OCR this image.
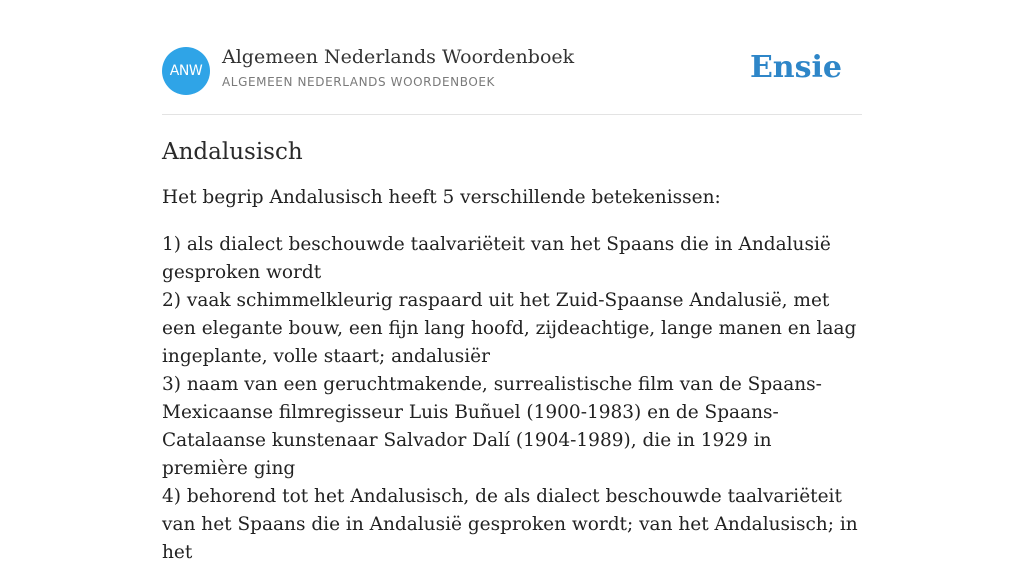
ANW
Algemeen Nederlands Woordenboek
ALGEMEEN NEDERLANDS WOORDENBOEK	Ensie
Andalusisch

Het begrip Andalusisch heeft 5 verschillende betekenissen:

1) als dialect beschouwde taalvariëteit van het Spaans die in Andalusië gesproken wordt
2) vaak schimmelkleurig raspaard uit het Zuid-Spaanse Andalusië, met een elegante bouw, een fijn lang hoofd, zijdeachtige, lange manen en laag ingeplante, volle staart; andalusiër
3) naam van een geruchtmakende, surrealistische film van de Spaans-Mexicaanse filmregisseur Luis Buñuel (1900-1983) en de Spaans-Catalaanse kunstenaar Salvador Dalí (1904-1989), die in 1929 in première ging
4) behorend tot het Andalusisch, de als dialect beschouwde taalvariëteit van het Spaans die in Andalusië gesproken wordt; van het Andalusisch; in het
